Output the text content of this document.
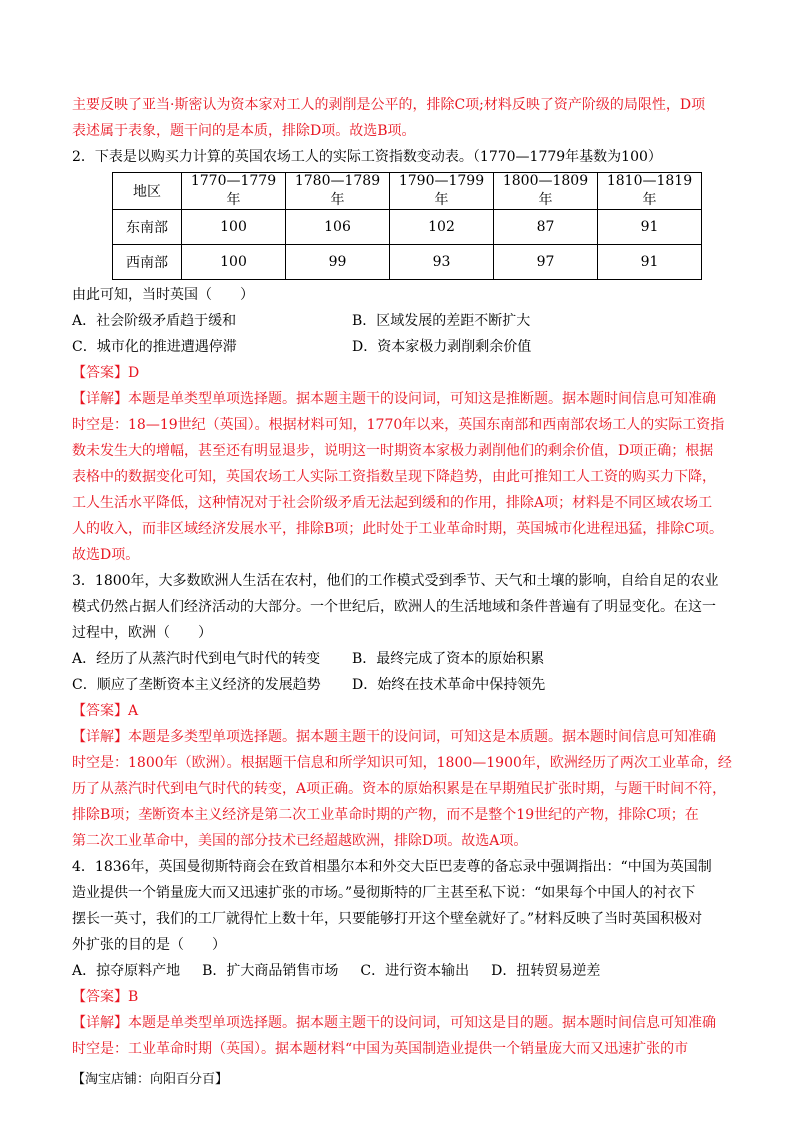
主要反映了亚当·斯密认为资本家对工人的剥削是公平的，排除C项;材料反映了资产阶级的局限性，D项

表述属于表象，题干问的是本质，排除D项。故选B项。

2．下表是以购买力计算的英国农场工人的实际工资指数变动表。（1770—1779年基数为100）

地区	1770—1779年	1780—1789年	1790—1799年	1800—1809年	1810—1819年
东南部	100	106	102	87	91
西南部	100	99	93	97	91

由此可知，当时英国（　　）

A．社会阶级矛盾趋于缓和	B．区域发展的差距不断扩大
C．城市化的推进遭遇停滞	D．资本家极力剥削剩余价值

【答案】D

【详解】本题是单类型单项选择题。据本题主题干的设问词，可知这是推断题。据本题时间信息可知准确

时空是：18—19世纪（英国）。根据材料可知，1770年以来，英国东南部和西南部农场工人的实际工资指

数未发生大的增幅，甚至还有明显退步，说明这一时期资本家极力剥削他们的剩余价值，D项正确；根据

表格中的数据变化可知，英国农场工人实际工资指数呈现下降趋势，由此可推知工人工资的购买力下降，

工人生活水平降低，这种情况对于社会阶级矛盾无法起到缓和的作用，排除A项；材料是不同区域农场工

人的收入，而非区域经济发展水平，排除B项；此时处于工业革命时期，英国城市化进程迅猛，排除C项。

故选D项。

3．1800年，大多数欧洲人生活在农村，他们的工作模式受到季节、天气和土壤的影响，自给自足的农业

模式仍然占据人们经济活动的大部分。一个世纪后，欧洲人的生活地域和条件普遍有了明显变化。在这一

过程中，欧洲（　　）

A．经历了从蒸汽时代到电气时代的转变	B．最终完成了资本的原始积累
C．顺应了垄断资本主义经济的发展趋势	D．始终在技术革命中保持领先

【答案】A

【详解】本题是多类型单项选择题。据本题主题干的设问词，可知这是本质题。据本题时间信息可知准确

时空是：1800年（欧洲）。根据题干信息和所学知识可知，1800—1900年，欧洲经历了两次工业革命，经

历了从蒸汽时代到电气时代的转变，A项正确。资本的原始积累是在早期殖民扩张时期，与题干时间不符，

排除B项；垄断资本主义经济是第二次工业革命时期的产物，而不是整个19世纪的产物，排除C项；在

第二次工业革命中，美国的部分技术已经超越欧洲，排除D项。故选A项。

4．1836年，英国曼彻斯特商会在致首相墨尔本和外交大臣巴麦尊的备忘录中强调指出：“中国为英国制

造业提供一个销量庞大而又迅速扩张的市场。”曼彻斯特的厂主甚至私下说：“如果每个中国人的衬衣下

摆长一英寸，我们的工厂就得忙上数十年，只要能够打开这个壁垒就好了。”材料反映了当时英国积极对

外扩张的目的是（　　）

A．掠夺原料产地 B．扩大商品销售市场 C．进行资本输出 D．扭转贸易逆差

【答案】B

【详解】本题是单类型单项选择题。据本题主题干的设问词，可知这是目的题。据本题时间信息可知准确

时空是：工业革命时期（英国）。据本题材料“中国为英国制造业提供一个销量庞大而又迅速扩张的市

【淘宝店铺：向阳百分百】
